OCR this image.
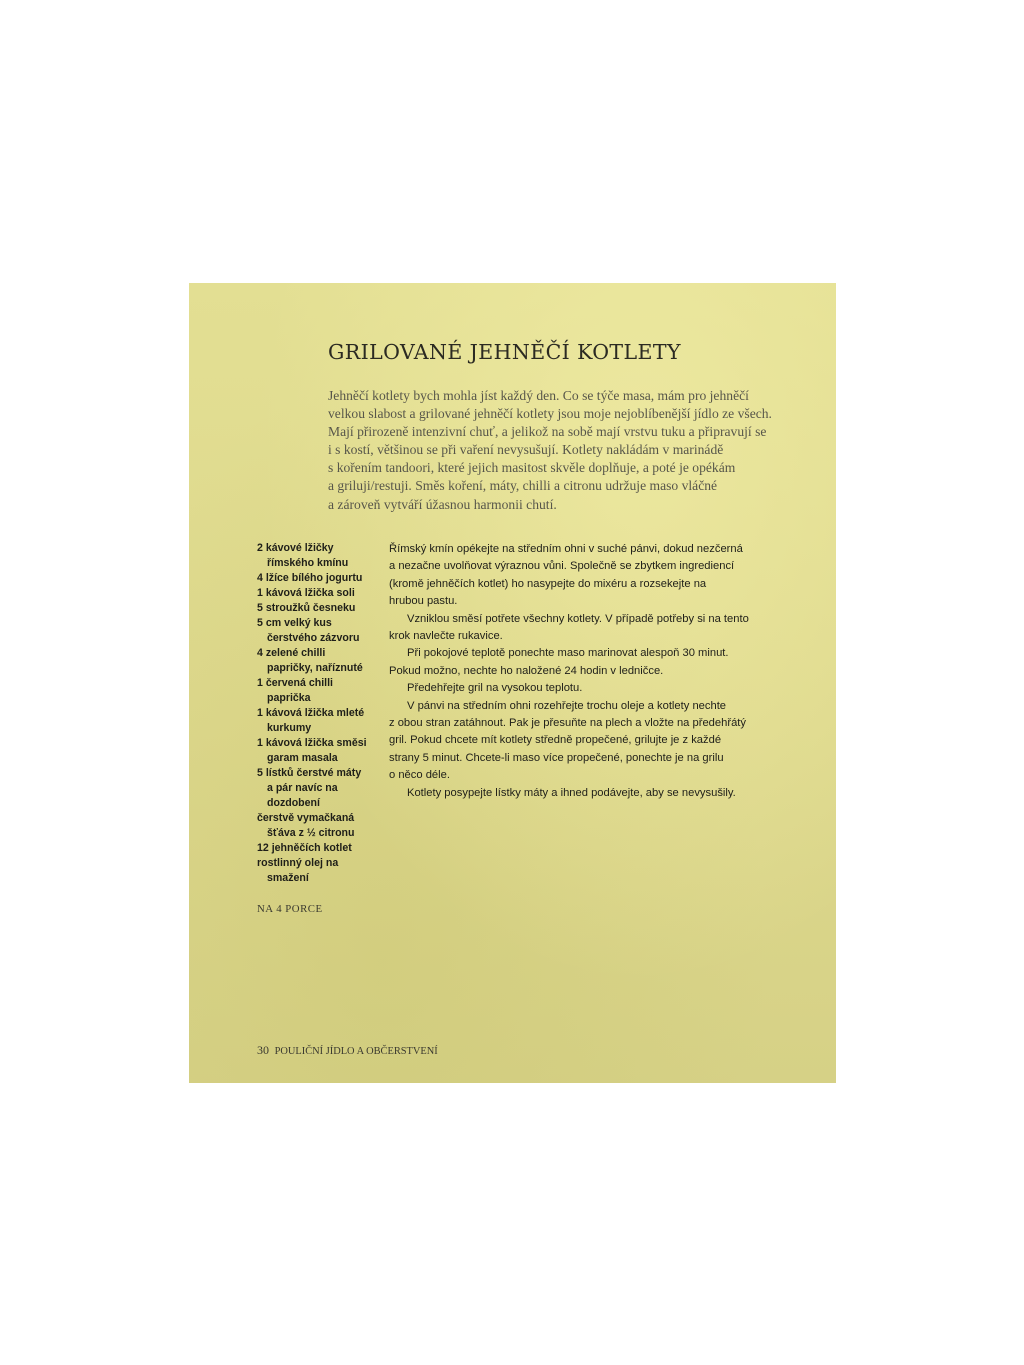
GRILOVANÉ JEHNĚČÍ KOTLETY

Jehněčí kotlety bych mohla jíst každý den. Co se týče masa, mám pro jehněčí
velkou slabost a grilované jehněčí kotlety jsou moje nejoblíbenější jídlo ze všech.
Mají přirozeně intenzivní chuť, a jelikož na sobě mají vrstvu tuku a připravují se
i s kostí, většinou se při vaření nevysušují. Kotlety nakládám v marinádě
s kořením tandoori, které jejich masitost skvěle doplňuje, a poté je opékám
a griluji/restuji. Směs koření, máty, chilli a citronu udržuje maso vláčné
a zároveň vytváří úžasnou harmonii chutí.

2 kávové lžičky
římského kmínu
4 lžíce bílého jogurtu
1 kávová lžička soli
5 stroužků česneku
5 cm velký kus
čerstvého zázvoru
4 zelené chilli
papričky, naříznuté
1 červená chilli
paprička
1 kávová lžička mleté
kurkumy
1 kávová lžička směsi
garam masala
5 lístků čerstvé máty
a pár navíc na
dozdobení
čerstvě vymačkaná
šťáva z ½ citronu
12 jehněčích kotlet
rostlinný olej na
smažení

NA 4 PORCE

Římský kmín opékejte na středním ohni v suché pánvi, dokud nezčerná
a nezačne uvolňovat výraznou vůni. Společně se zbytkem ingrediencí
(kromě jehněčích kotlet) ho nasypejte do mixéru a rozsekejte na
hrubou pastu.

Vzniklou směsí potřete všechny kotlety. V případě potřeby si na tento
krok navlečte rukavice.

Při pokojové teplotě ponechte maso marinovat alespoň 30 minut.
Pokud možno, nechte ho naložené 24 hodin v ledničce.

Předehřejte gril na vysokou teplotu.

V pánvi na středním ohni rozehřejte trochu oleje a kotlety nechte
z obou stran zatáhnout. Pak je přesuňte na plech a vložte na předehřátý
gril. Pokud chcete mít kotlety středně propečené, grilujte je z každé
strany 5 minut. Chcete-li maso více propečené, ponechte je na grilu
o něco déle.

Kotlety posypejte lístky máty a ihned podávejte, aby se nevysušily.

30 POULIČNÍ JÍDLO A OBČERSTVENÍ
